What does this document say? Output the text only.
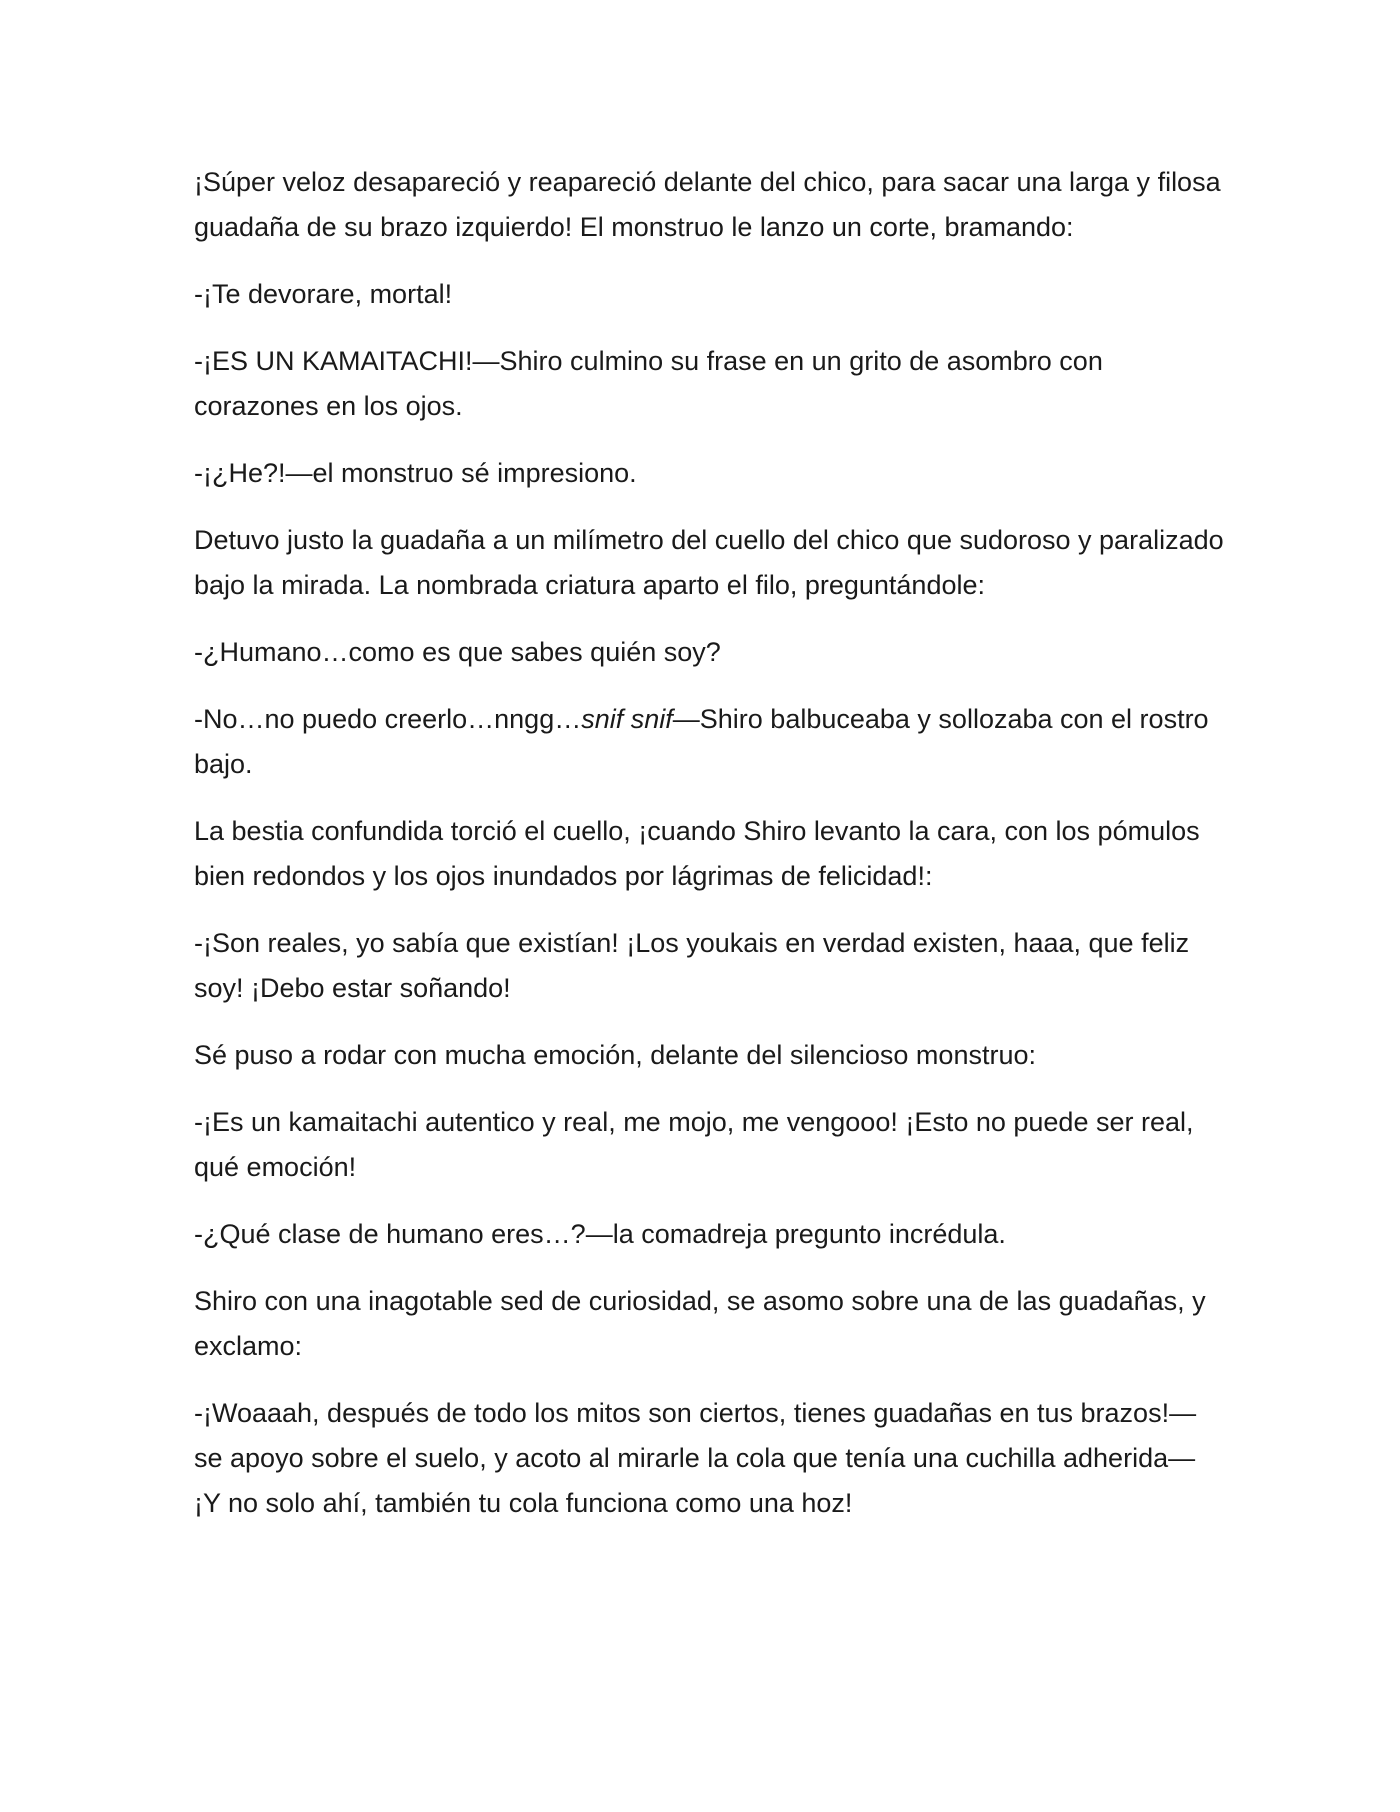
¡Súper veloz desapareció y reapareció delante del chico, para sacar una larga y filosa guadaña de su brazo izquierdo! El monstruo le lanzo un corte, bramando:

-¡Te devorare, mortal!

-¡ES UN KAMAITACHI!—Shiro culmino su frase en un grito de asombro con corazones en los ojos.

-¡¿He?!—el monstruo sé impresiono.

Detuvo justo la guadaña a un milímetro del cuello del chico que sudoroso y paralizado bajo la mirada. La nombrada criatura aparto el filo, preguntándole:

-¿Humano…como es que sabes quién soy?

-No…no puedo creerlo…nngg…snif snif—Shiro balbuceaba y sollozaba con el rostro bajo.

La bestia confundida torció el cuello, ¡cuando Shiro levanto la cara, con los pómulos bien redondos y los ojos inundados por lágrimas de felicidad!:

-¡Son reales, yo sabía que existían! ¡Los youkais en verdad existen, haaa, que feliz soy! ¡Debo estar soñando!

Sé puso a rodar con mucha emoción, delante del silencioso monstruo:

-¡Es un kamaitachi autentico y real, me mojo, me vengooo! ¡Esto no puede ser real, qué emoción!

-¿Qué clase de humano eres…?—la comadreja pregunto incrédula.

Shiro con una inagotable sed de curiosidad, se asomo sobre una de las guadañas, y exclamo:

-¡Woaaah, después de todo los mitos son ciertos, tienes guadañas en tus brazos!—se apoyo sobre el suelo, y acoto al mirarle la cola que tenía una cuchilla adherida— ¡Y no solo ahí, también tu cola funciona como una hoz!
